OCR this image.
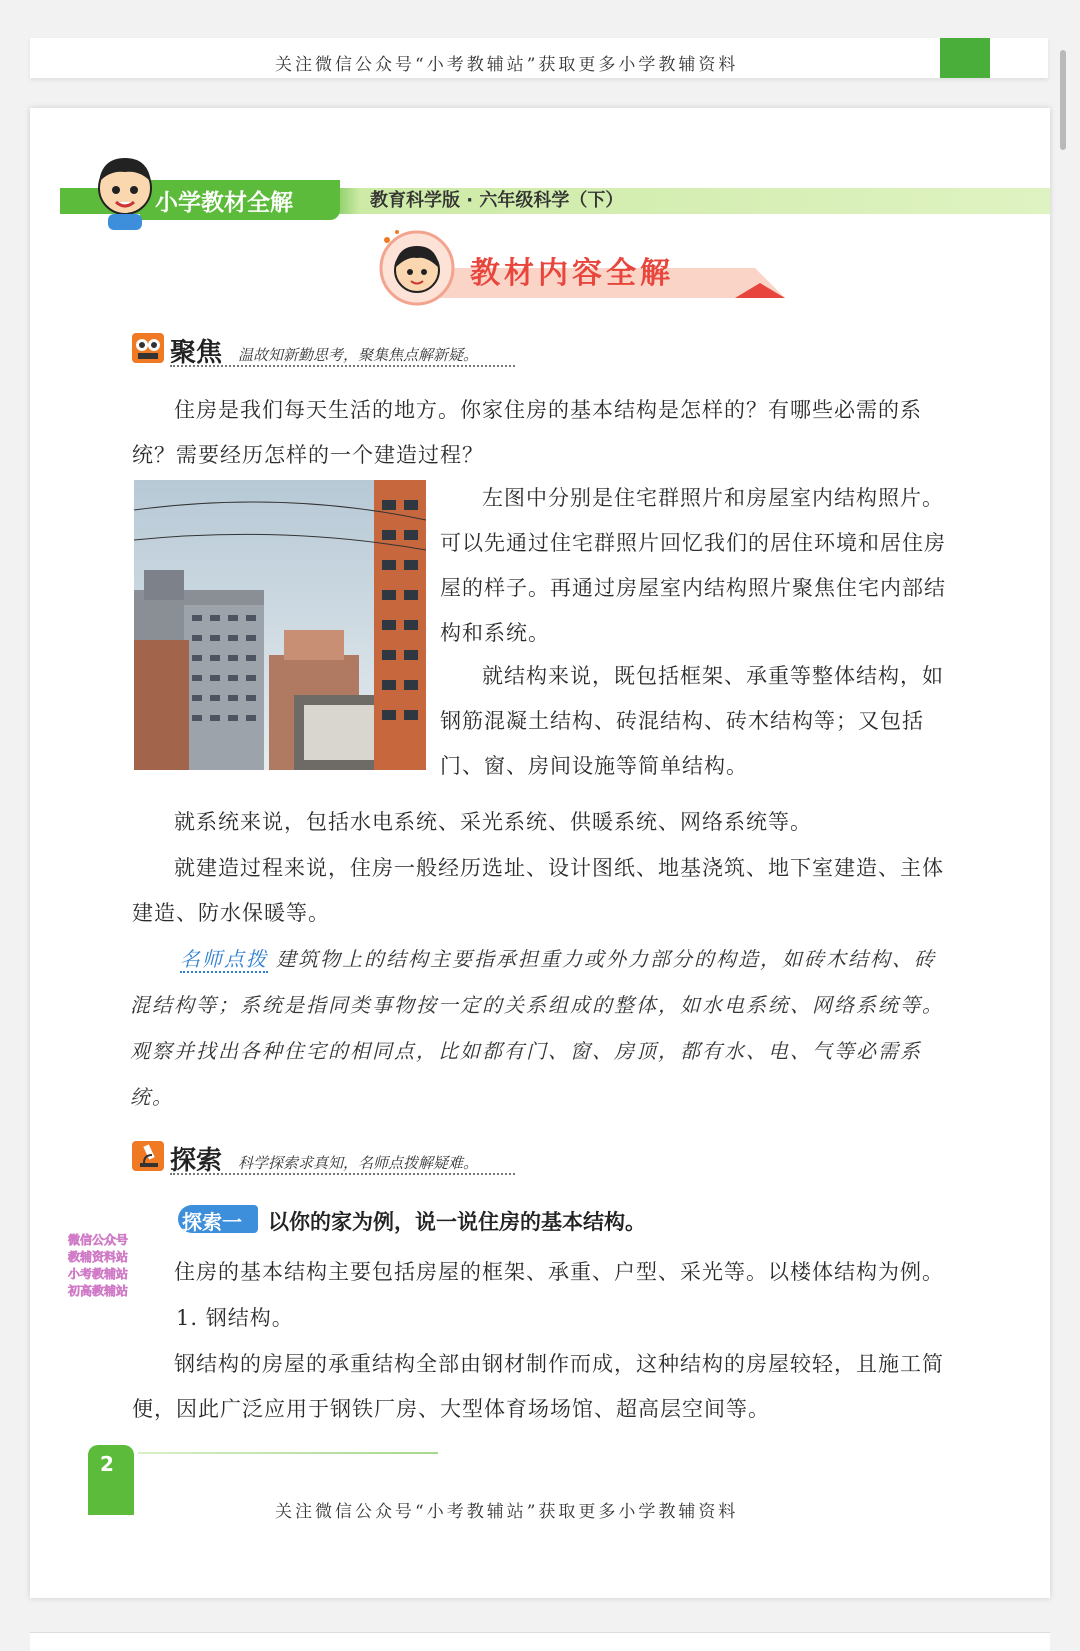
关注微信公众号“小考教辅站”获取更多小学教辅资料
小学教材全解	教育科学版 · 六年级科学（下）
教材内容全解
聚焦 温故知新勤思考，聚集焦点解新疑。
住房是我们每天生活的地方。你家住房的基本结构是怎样的？有哪些必需的系统？需要经历怎样的一个建造过程？
左图中分别是住宅群照片和房屋室内结构照片。可以先通过住宅群照片回忆我们的居住环境和居住房屋的样子。再通过房屋室内结构照片聚焦住宅内部结构和系统。
就结构来说，既包括框架、承重等整体结构，如钢筋混凝土结构、砖混结构、砖木结构等；又包括门、窗、房间设施等简单结构。
就系统来说，包括水电系统、采光系统、供暖系统、网络系统等。
就建造过程来说，住房一般经历选址、设计图纸、地基浇筑、地下室建造、主体建造、防水保暖等。
名师点拨 建筑物上的结构主要指承担重力或外力部分的构造，如砖木结构、砖混结构等；系统是指同类事物按一定的关系组成的整体，如水电系统、网络系统等。观察并找出各种住宅的相同点，比如都有门、窗、房顶，都有水、电、气等必需系统。
探索 科学探索求真知，名师点拨解疑难。
探索一 以你的家为例，说一说住房的基本结构。
微信公众号
教辅资料站
小考教辅站
初高教辅站
住房的基本结构主要包括房屋的框架、承重、户型、采光等。以楼体结构为例。
1. 钢结构。
钢结构的房屋的承重结构全部由钢材制作而成，这种结构的房屋较轻，且施工简便，因此广泛应用于钢铁厂房、大型体育场场馆、超高层空间等。
2
关注微信公众号“小考教辅站”获取更多小学教辅资料
